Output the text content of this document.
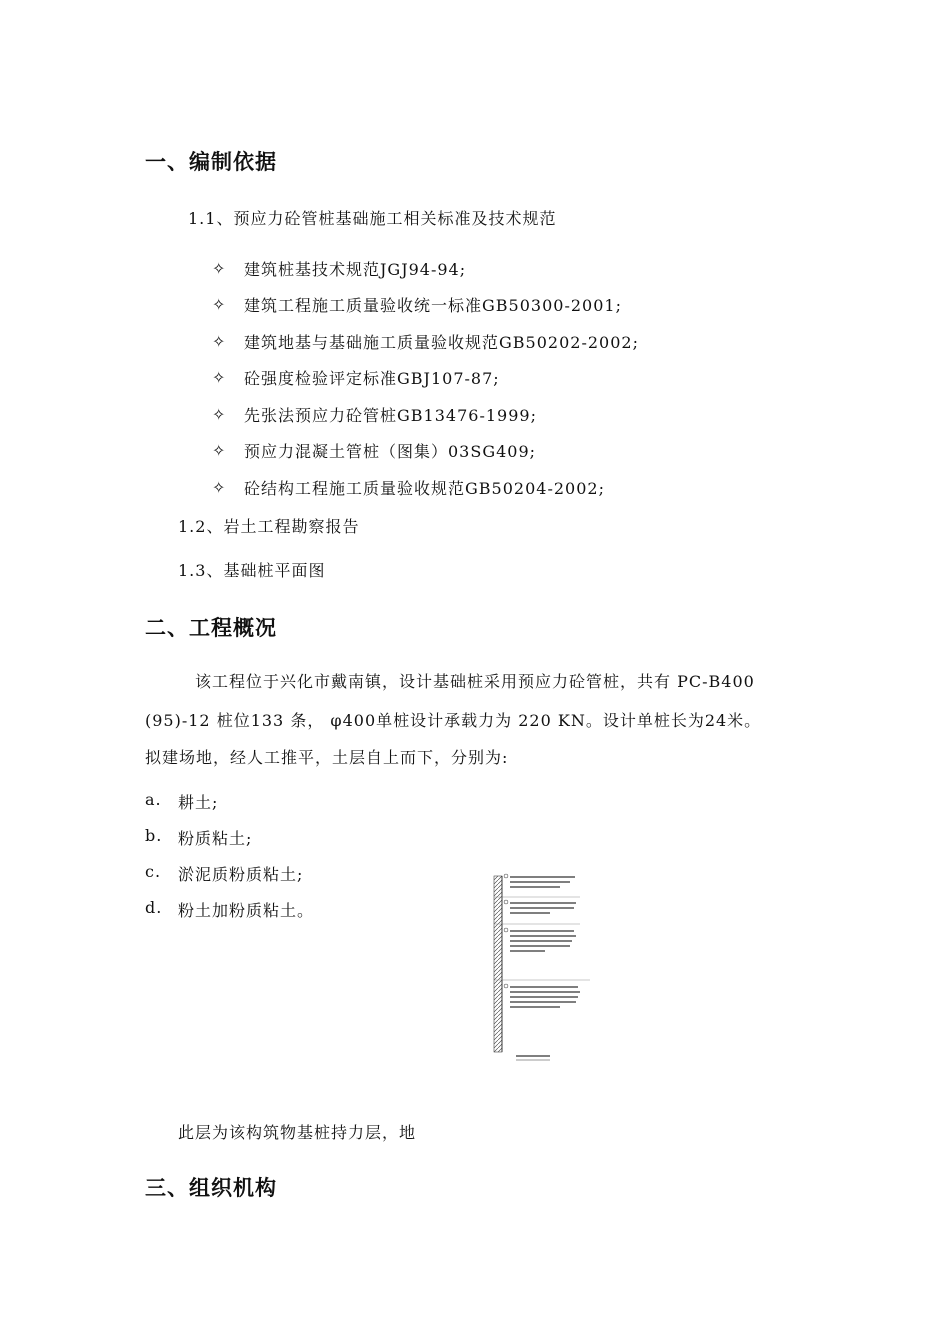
一、编制依据
1.1、预应力砼管桩基础施工相关标准及技术规范
✧	建筑桩基技术规范JGJ94-94;
✧	建筑工程施工质量验收统一标准GB50300-2001;
✧	建筑地基与基础施工质量验收规范GB50202-2002;
✧	砼强度检验评定标准GBJ107-87;
✧	先张法预应力砼管桩GB13476-1999;
✧	预应力混凝土管桩（图集）03SG409;
✧	砼结构工程施工质量验收规范GB50204-2002;
1.2、岩土工程勘察报告
1.3、基础桩平面图
二、工程概况
该工程位于兴化市戴南镇，设计基础桩采用预应力砼管桩，共有 PC-B400
(95)-12 桩位133 条， φ400单桩设计承载力为 220 KN。设计单桩长为24米。
拟建场地，经人工推平，土层自上而下，分别为:
a.	耕土;
b. 粉质粘土;
c.	淤泥质粉质粘土;
d. 粉土加粉质粘土。
此层为该构筑物基桩持力层，地
三、组织机构
